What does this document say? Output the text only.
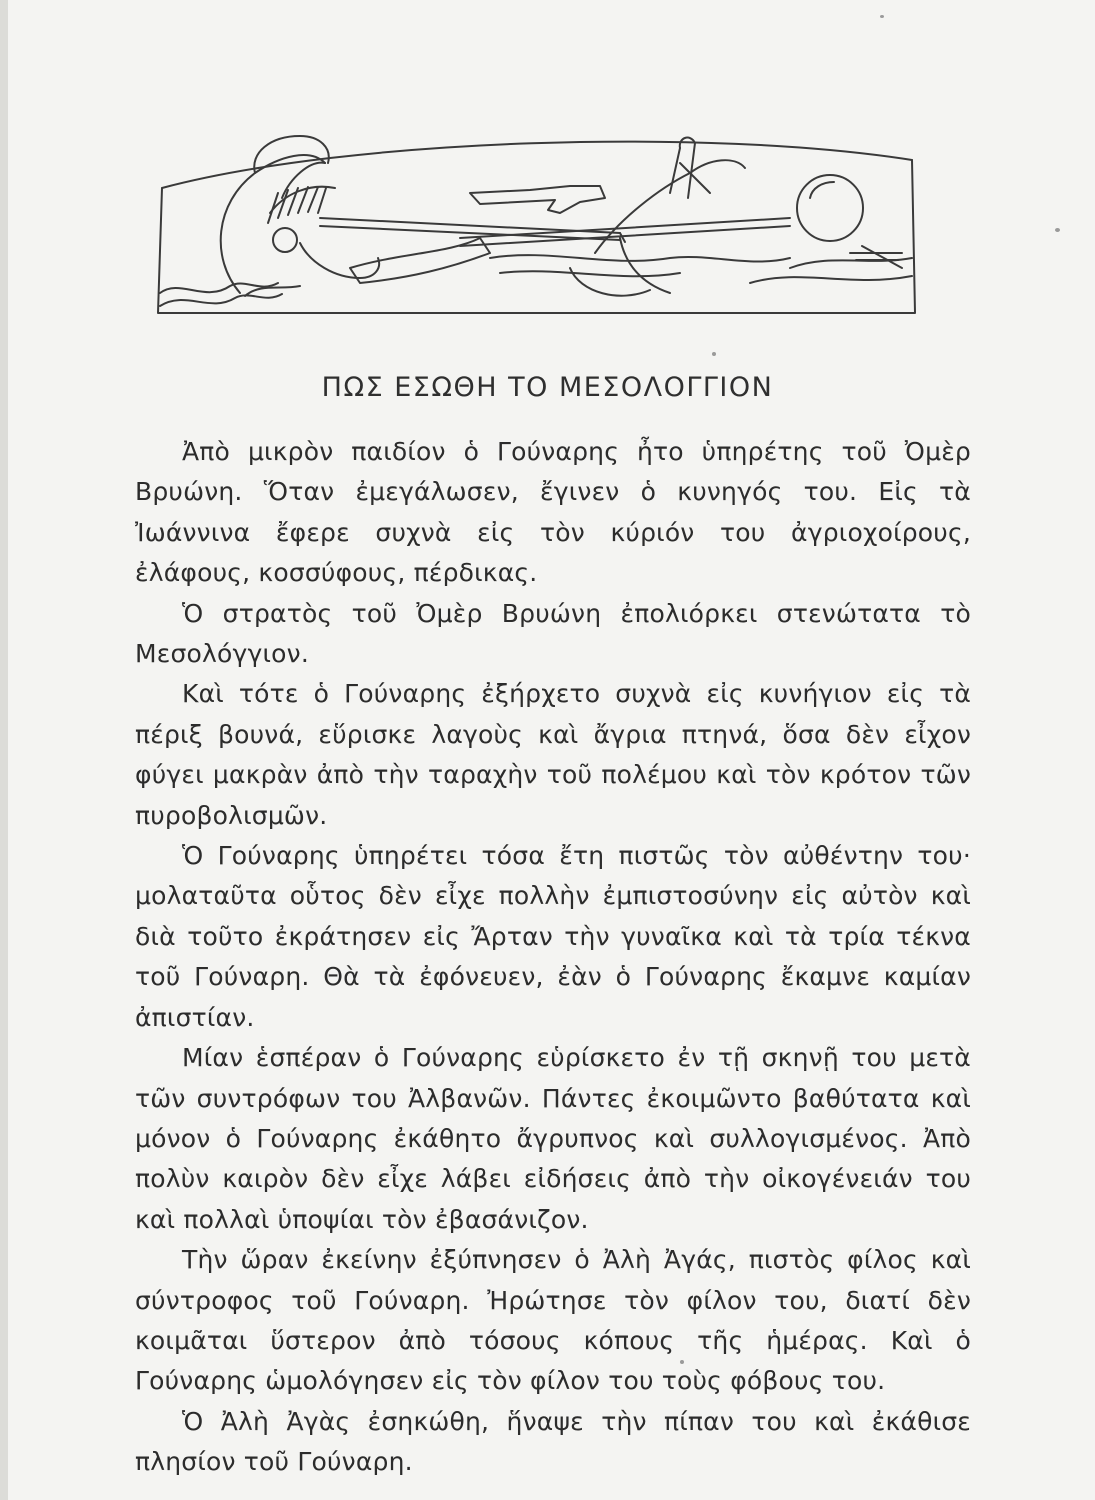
ΠΩΣ ΕΣΩΘΗ ΤΟ ΜΕΣΟΛΟΓΓΙΟΝ

Ἀπὸ μικρὸν παιδίον ὁ Γούναρης ἦτο ὑπηρέτης τοῦ Ὀμὲρ Βρυώνη. Ὅταν ἐμεγάλωσεν, ἔγινεν ὁ κυνηγός του. Εἰς τὰ Ἰωάννινα ἔφερε συχνὰ εἰς τὸν κύριόν του ἀγριοχοίρους, ἐλάφους, κοσσύφους, πέρδικας.

Ὁ στρατὸς τοῦ Ὀμὲρ Βρυώνη ἐπολιόρκει στενώτατα τὸ Μεσολόγγιον.

Καὶ τότε ὁ Γούναρης ἐξήρχετο συχνὰ εἰς κυνήγιον εἰς τὰ πέριξ βουνά, εὕρισκε λαγοὺς καὶ ἄγρια πτηνά, ὅσα δὲν εἶχον φύγει μακρὰν ἀπὸ τὴν ταραχὴν τοῦ πολέμου καὶ τὸν κρότον τῶν πυροβολισμῶν.

Ὁ Γούναρης ὑπηρέτει τόσα ἔτη πιστῶς τὸν αὐθέντην του· μολαταῦτα οὗτος δὲν εἶχε πολλὴν ἐμπιστοσύνην εἰς αὐτὸν καὶ διὰ τοῦτο ἐκράτησεν εἰς Ἄρταν τὴν γυναῖκα καὶ τὰ τρία τέκνα τοῦ Γούναρη. Θὰ τὰ ἐφόνευεν, ἐὰν ὁ Γούναρης ἔκαμνε καμίαν ἀπιστίαν.

Μίαν ἑσπέραν ὁ Γούναρης εὑρίσκετο ἐν τῇ σκηνῇ του μετὰ τῶν συντρόφων του Ἀλβανῶν. Πάντες ἐκοιμῶντο βαθύτατα καὶ μόνον ὁ Γούναρης ἐκάθητο ἄγρυπνος καὶ συλλογισμένος. Ἀπὸ πολὺν καιρὸν δὲν εἶχε λάβει εἰδήσεις ἀπὸ τὴν οἰκογένειάν του καὶ πολλαὶ ὑποψίαι τὸν ἐβασάνιζον.

Τὴν ὥραν ἐκείνην ἐξύπνησεν ὁ Ἀλὴ Ἀγάς, πιστὸς φίλος καὶ σύντροφος τοῦ Γούναρη. Ἠρώτησε τὸν φίλον του, διατί δὲν κοιμᾶται ὕστερον ἀπὸ τόσους κόπους τῆς ἡμέρας. Καὶ ὁ Γούναρης ὡμολόγησεν εἰς τὸν φίλον του τοὺς φόβους του.

Ὁ Ἀλὴ Ἀγὰς ἐσηκώθη, ἥναψε τὴν πίπαν του καὶ ἐκάθισε πλησίον τοῦ Γούναρη.
